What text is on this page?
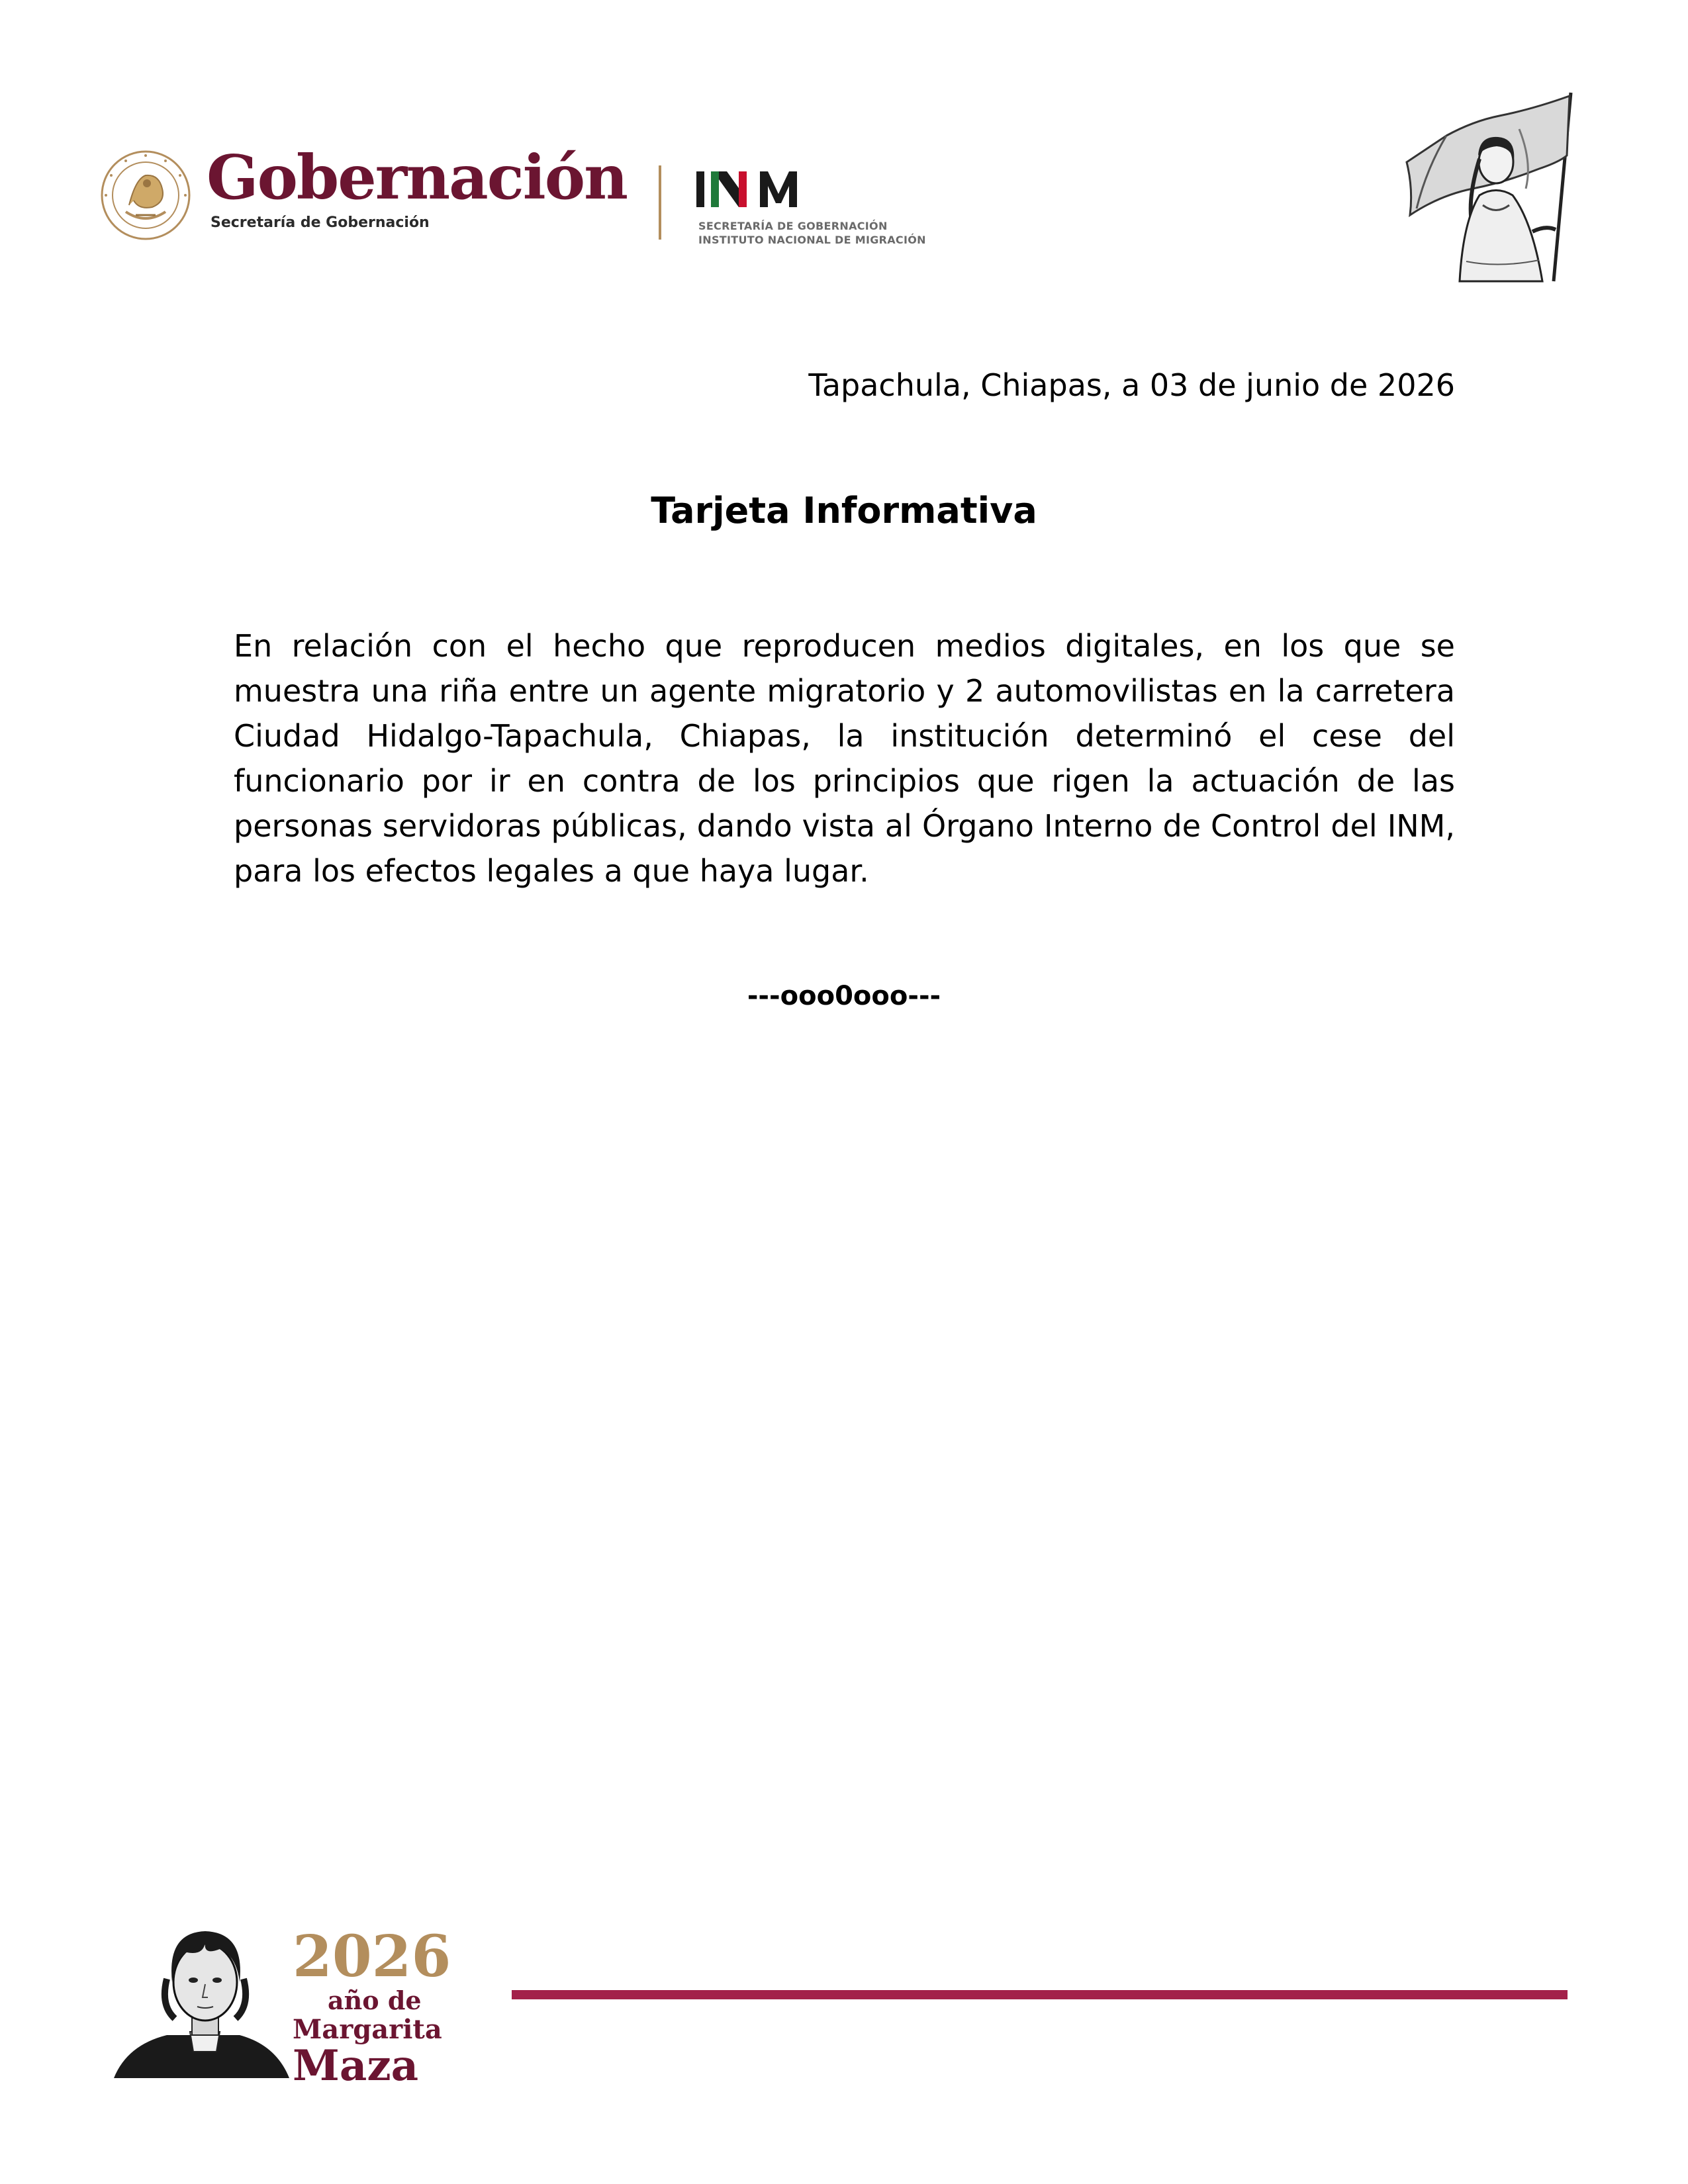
Gobernación
Secretaría de Gobernación	SECRETARÍA DE GOBERNACIÓN
INSTITUTO NACIONAL DE MIGRACIÓN
Tapachula, Chiapas, a 03 de junio de 2026
Tarjeta Informativa

En relación con el hecho que reproducen medios digitales, en los que se muestra una riña entre un agente migratorio y 2 automovilistas en la carretera Ciudad Hidalgo-Tapachula, Chiapas, la institución determinó el cese del funcionario por ir en contra de los principios que rigen la actuación de las personas servidoras públicas, dando vista al Órgano Interno de Control del INM, para los efectos legales a que haya lugar.

---ooo0ooo---
2026
año de
Margarita
Maza
